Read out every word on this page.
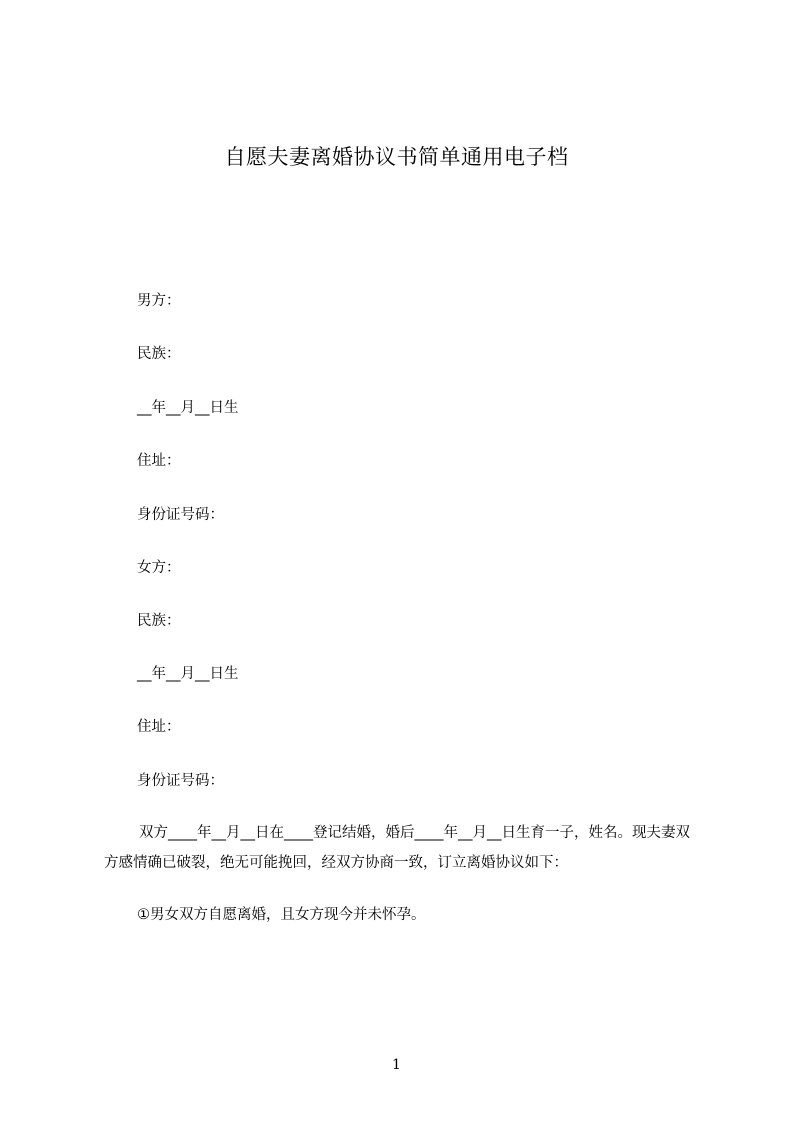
自愿夫妻离婚协议书简单通用电子档
男方：
民族：
__年__月__日生
住址：
身份证号码：
女方：
民族：
__年__月__日生
住址：
身份证号码：
双方____年__月__日在____登记结婚，婚后____年__月__日生育一子，姓名。现夫妻双方感情确已破裂，绝无可能挽回，经双方协商一致，订立离婚协议如下：
①男女双方自愿离婚，且女方现今并未怀孕。
1
